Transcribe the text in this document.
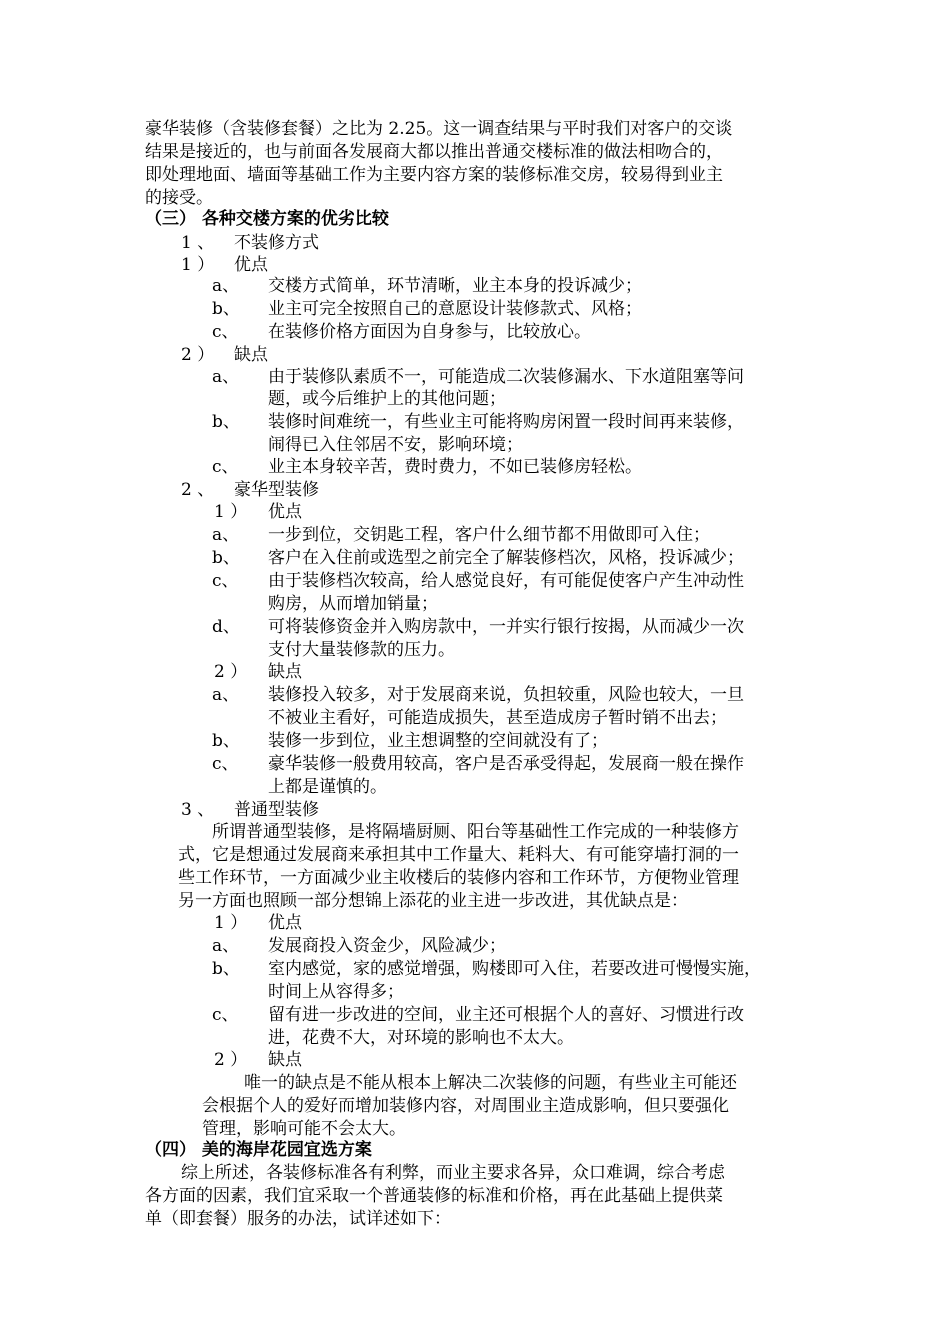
豪华装修（含装修套餐）之比为 2.25。这一调查结果与平时我们对客户的交谈
结果是接近的，也与前面各发展商大都以推出普通交楼标准的做法相吻合的，
即处理地面、墙面等基础工作为主要内容方案的装修标准交房，较易得到业主
的接受。
（三） 各种交楼方案的优劣比较
1 、 不装修方式
1 ） 优点
a、 交楼方式简单，环节清晰，业主本身的投诉减少；
b、 业主可完全按照自己的意愿设计装修款式、风格；
c、 在装修价格方面因为自身参与，比较放心。
2 ） 缺点
a、 由于装修队素质不一，可能造成二次装修漏水、下水道阻塞等问
题，或今后维护上的其他问题；
b、 装修时间难统一，有些业主可能将购房闲置一段时间再来装修，
闹得已入住邻居不安，影响环境；
c、 业主本身较辛苦，费时费力，不如已装修房轻松。
2 、 豪华型装修
1 ） 优点
a、 一步到位，交钥匙工程，客户什么细节都不用做即可入住；
b、 客户在入住前或选型之前完全了解装修档次，风格，投诉减少；
c、 由于装修档次较高，给人感觉良好，有可能促使客户产生冲动性
购房，从而增加销量；
d、 可将装修资金并入购房款中，一并实行银行按揭，从而减少一次
支付大量装修款的压力。
2 ） 缺点
a、 装修投入较多，对于发展商来说，负担较重，风险也较大，一旦
不被业主看好，可能造成损失，甚至造成房子暂时销不出去；
b、 装修一步到位，业主想调整的空间就没有了；
c、 豪华装修一般费用较高，客户是否承受得起，发展商一般在操作
上都是谨慎的。
3 、 普通型装修
所谓普通型装修，是将隔墙厨厕、阳台等基础性工作完成的一种装修方
式，它是想通过发展商来承担其中工作量大、耗料大、有可能穿墙打洞的一
些工作环节，一方面减少业主收楼后的装修内容和工作环节，方便物业管理
另一方面也照顾一部分想锦上添花的业主进一步改进，其优缺点是：
1 ） 优点
a、 发展商投入资金少，风险减少；
b、 室内感觉，家的感觉增强，购楼即可入住，若要改进可慢慢实施，
时间上从容得多；
c、 留有进一步改进的空间，业主还可根据个人的喜好、习惯进行改
进，花费不大，对环境的影响也不太大。
2 ） 缺点
唯一的缺点是不能从根本上解决二次装修的问题，有些业主可能还
会根据个人的爱好而增加装修内容，对周围业主造成影响，但只要强化
管理，影响可能不会太大。
（四） 美的海岸花园宜选方案
综上所述，各装修标准各有利弊，而业主要求各异，众口难调，综合考虑
各方面的因素，我们宜采取一个普通装修的标准和价格，再在此基础上提供菜
单（即套餐）服务的办法，试详述如下：
